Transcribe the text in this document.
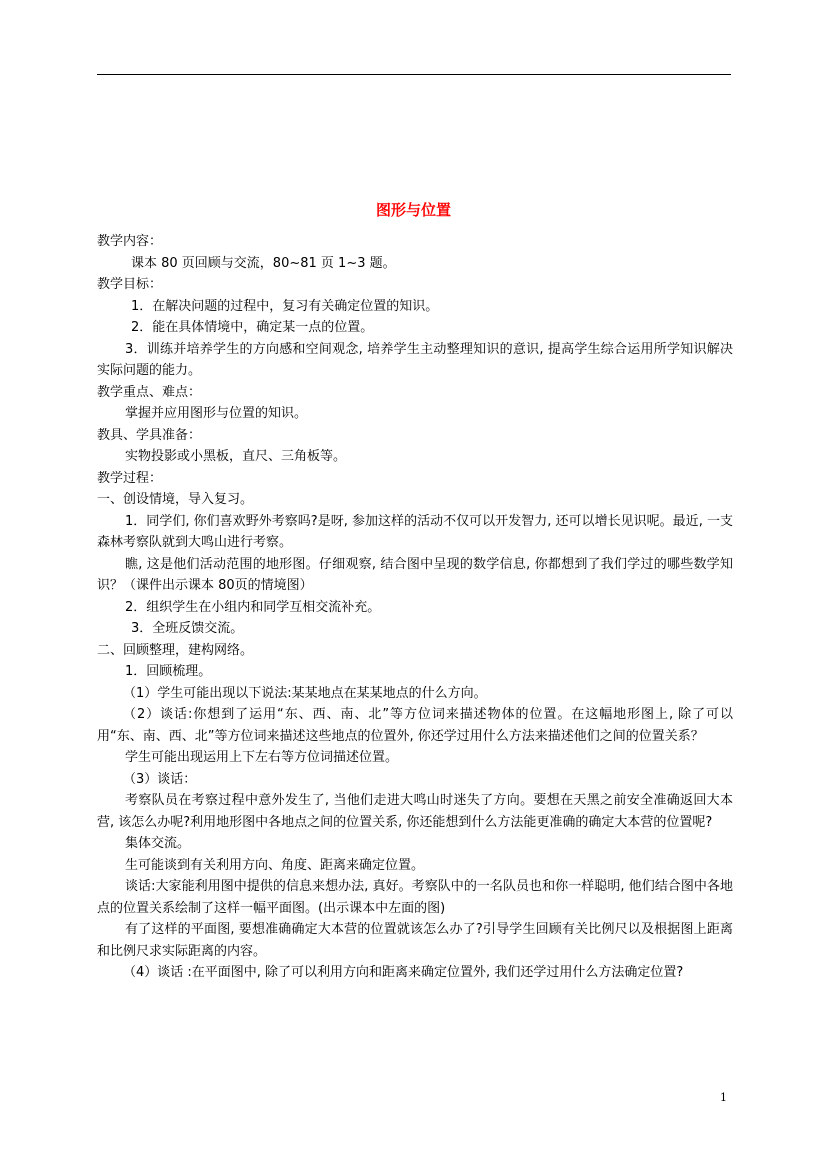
图形与位置

教学内容：

课本 80 页回顾与交流，80~81 页 1~3 题。

教学目标：

1．在解决问题的过程中，复习有关确定位置的知识。

2．能在具体情境中，确定某一点的位置。

3．训练并培养学生的方向感和空间观念, 培养学生主动整理知识的意识, 提高学生综合运用所学知识解决实际问题的能力。

教学重点、难点：

掌握并应用图形与位置的知识。

教具、学具准备：

实物投影或小黑板，直尺、三角板等。

教学过程：

一、创设情境，导入复习。

1．同学们, 你们喜欢野外考察吗?是呀, 参加这样的活动不仅可以开发智力, 还可以增长见识呢。最近, 一支森林考察队就到大鸣山进行考察。

瞧, 这是他们活动范围的地形图。仔细观察, 结合图中呈现的数学信息, 你都想到了我们学过的哪些数学知识？（课件出示课本 80页的情境图）

2．组织学生在小组内和同学互相交流补充。

3．全班反馈交流。

二、回顾整理，建构网络。

1．回顾梳理。

（1）学生可能出现以下说法:某某地点在某某地点的什么方向。

（2）谈话:你想到了运用“东、西、南、北”等方位词来描述物体的位置。在这幅地形图上, 除了可以用“东、南、西、北”等方位词来描述这些地点的位置外, 你还学过用什么方法来描述他们之间的位置关系？

学生可能出现运用上下左右等方位词描述位置。

（3）谈话：

考察队员在考察过程中意外发生了, 当他们走进大鸣山时迷失了方向。要想在天黑之前安全准确返回大本营, 该怎么办呢?利用地形图中各地点之间的位置关系, 你还能想到什么方法能更准确的确定大本营的位置呢?

集体交流。

生可能谈到有关利用方向、角度、距离来确定位置。

谈话:大家能利用图中提供的信息来想办法, 真好。考察队中的一名队员也和你一样聪明, 他们结合图中各地点的位置关系绘制了这样一幅平面图。(出示课本中左面的图)

有了这样的平面图, 要想准确确定大本营的位置就该怎么办了?引导学生回顾有关比例尺以及根据图上距离和比例尺求实际距离的内容。

（4）谈话 :在平面图中, 除了可以利用方向和距离来确定位置外, 我们还学过用什么方法确定位置?

1
